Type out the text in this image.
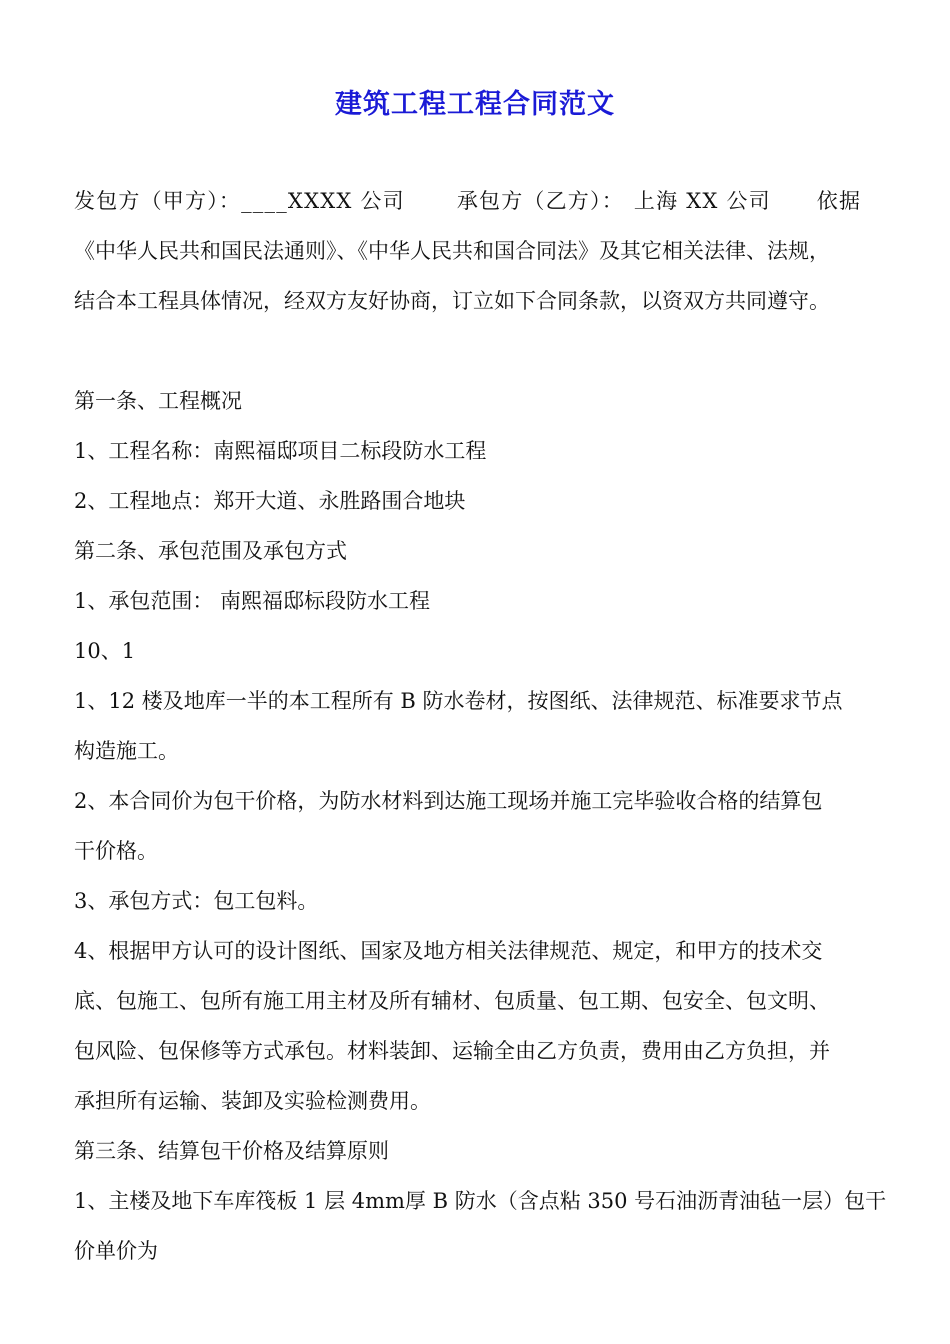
建筑工程工程合同范文
发包方（甲方）：____XXXX 公司 承包方（乙方）： 上海 XX 公司 依据
《中华人民共和国民法通则》、《中华人民共和国合同法》及其它相关法律、法规，
结合本工程具体情况，经双方友好协商，订立如下合同条款，以资双方共同遵守。
第一条、工程概况
1、工程名称：南熙福邸项目二标段防水工程
2、工程地点：郑开大道、永胜路围合地块
第二条、承包范围及承包方式
1、承包范围： 南熙福邸标段防水工程
10、1
1、12 楼及地库一半的本工程所有 B 防水卷材，按图纸、法律规范、标准要求节点
构造施工。
2、本合同价为包干价格，为防水材料到达施工现场并施工完毕验收合格的结算包
干价格。
3、承包方式：包工包料。
4、根据甲方认可的设计图纸、国家及地方相关法律规范、规定，和甲方的技术交
底、包施工、包所有施工用主材及所有辅材、包质量、包工期、包安全、包文明、
包风险、包保修等方式承包。材料装卸、运输全由乙方负责，费用由乙方负担，并
承担所有运输、装卸及实验检测费用。
第三条、结算包干价格及结算原则
1、主楼及地下车库筏板 1 层 4mm厚 B 防水（含点粘 350 号石油沥青油毡一层）包干
价单价为
